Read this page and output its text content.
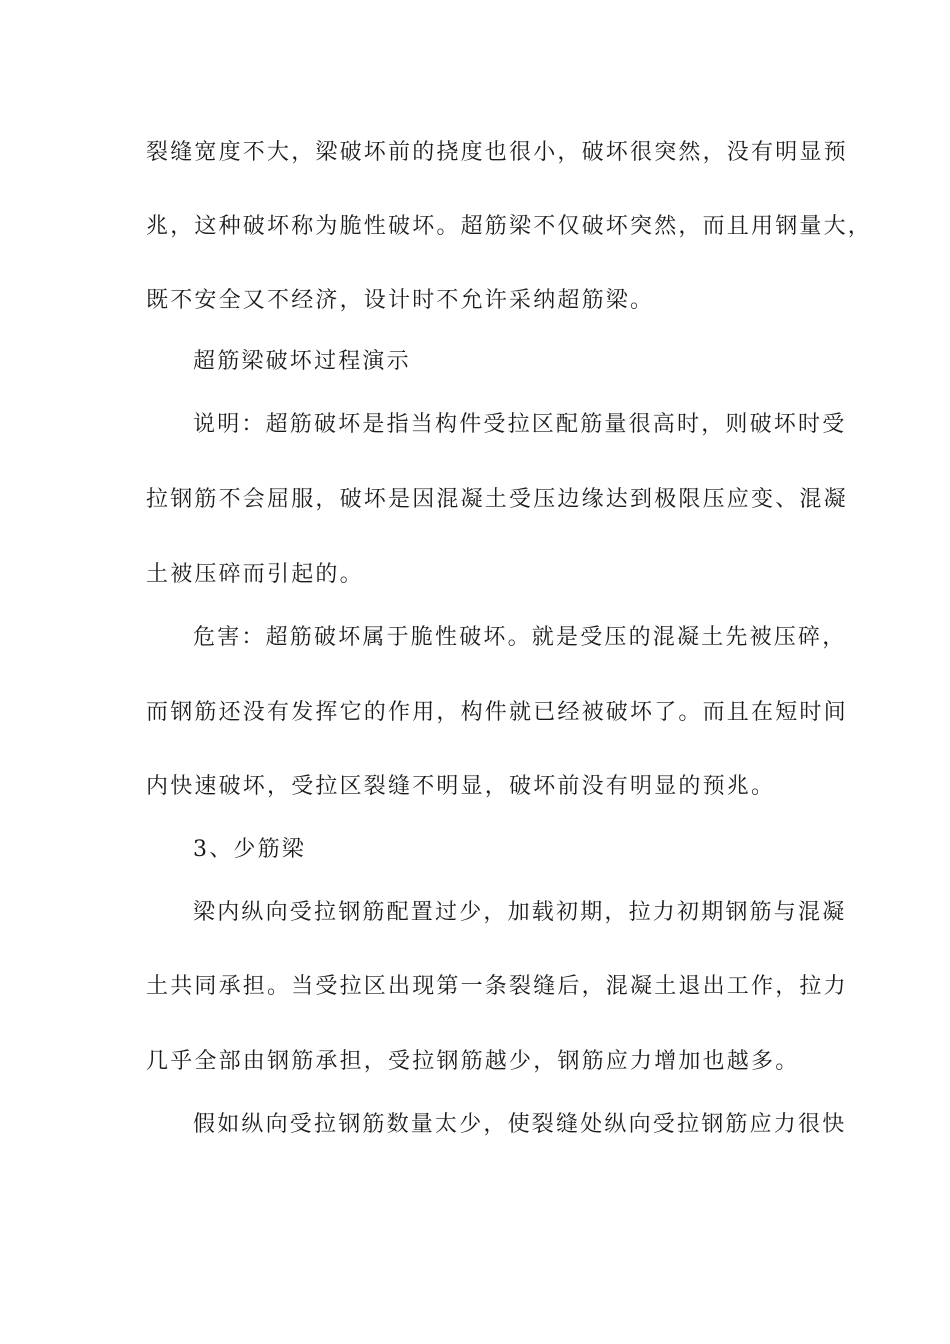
裂缝宽度不大，梁破坏前的挠度也很小，破坏很突然，没有明显预
兆，这种破坏称为脆性破坏。超筋梁不仅破坏突然，而且用钢量大，
既不安全又不经济，设计时不允许采纳超筋梁。
超筋梁破坏过程演示
说明：超筋破坏是指当构件受拉区配筋量很高时，则破坏时受
拉钢筋不会屈服，破坏是因混凝土受压边缘达到极限压应变、混凝
土被压碎而引起的。
危害：超筋破坏属于脆性破坏。就是受压的混凝土先被压碎，
而钢筋还没有发挥它的作用，构件就已经被破坏了。而且在短时间
内快速破坏，受拉区裂缝不明显，破坏前没有明显的预兆。
3、少筋梁
梁内纵向受拉钢筋配置过少，加载初期，拉力初期钢筋与混凝
土共同承担。当受拉区出现第一条裂缝后，混凝土退出工作，拉力
几乎全部由钢筋承担，受拉钢筋越少，钢筋应力增加也越多。
假如纵向受拉钢筋数量太少，使裂缝处纵向受拉钢筋应力很快
